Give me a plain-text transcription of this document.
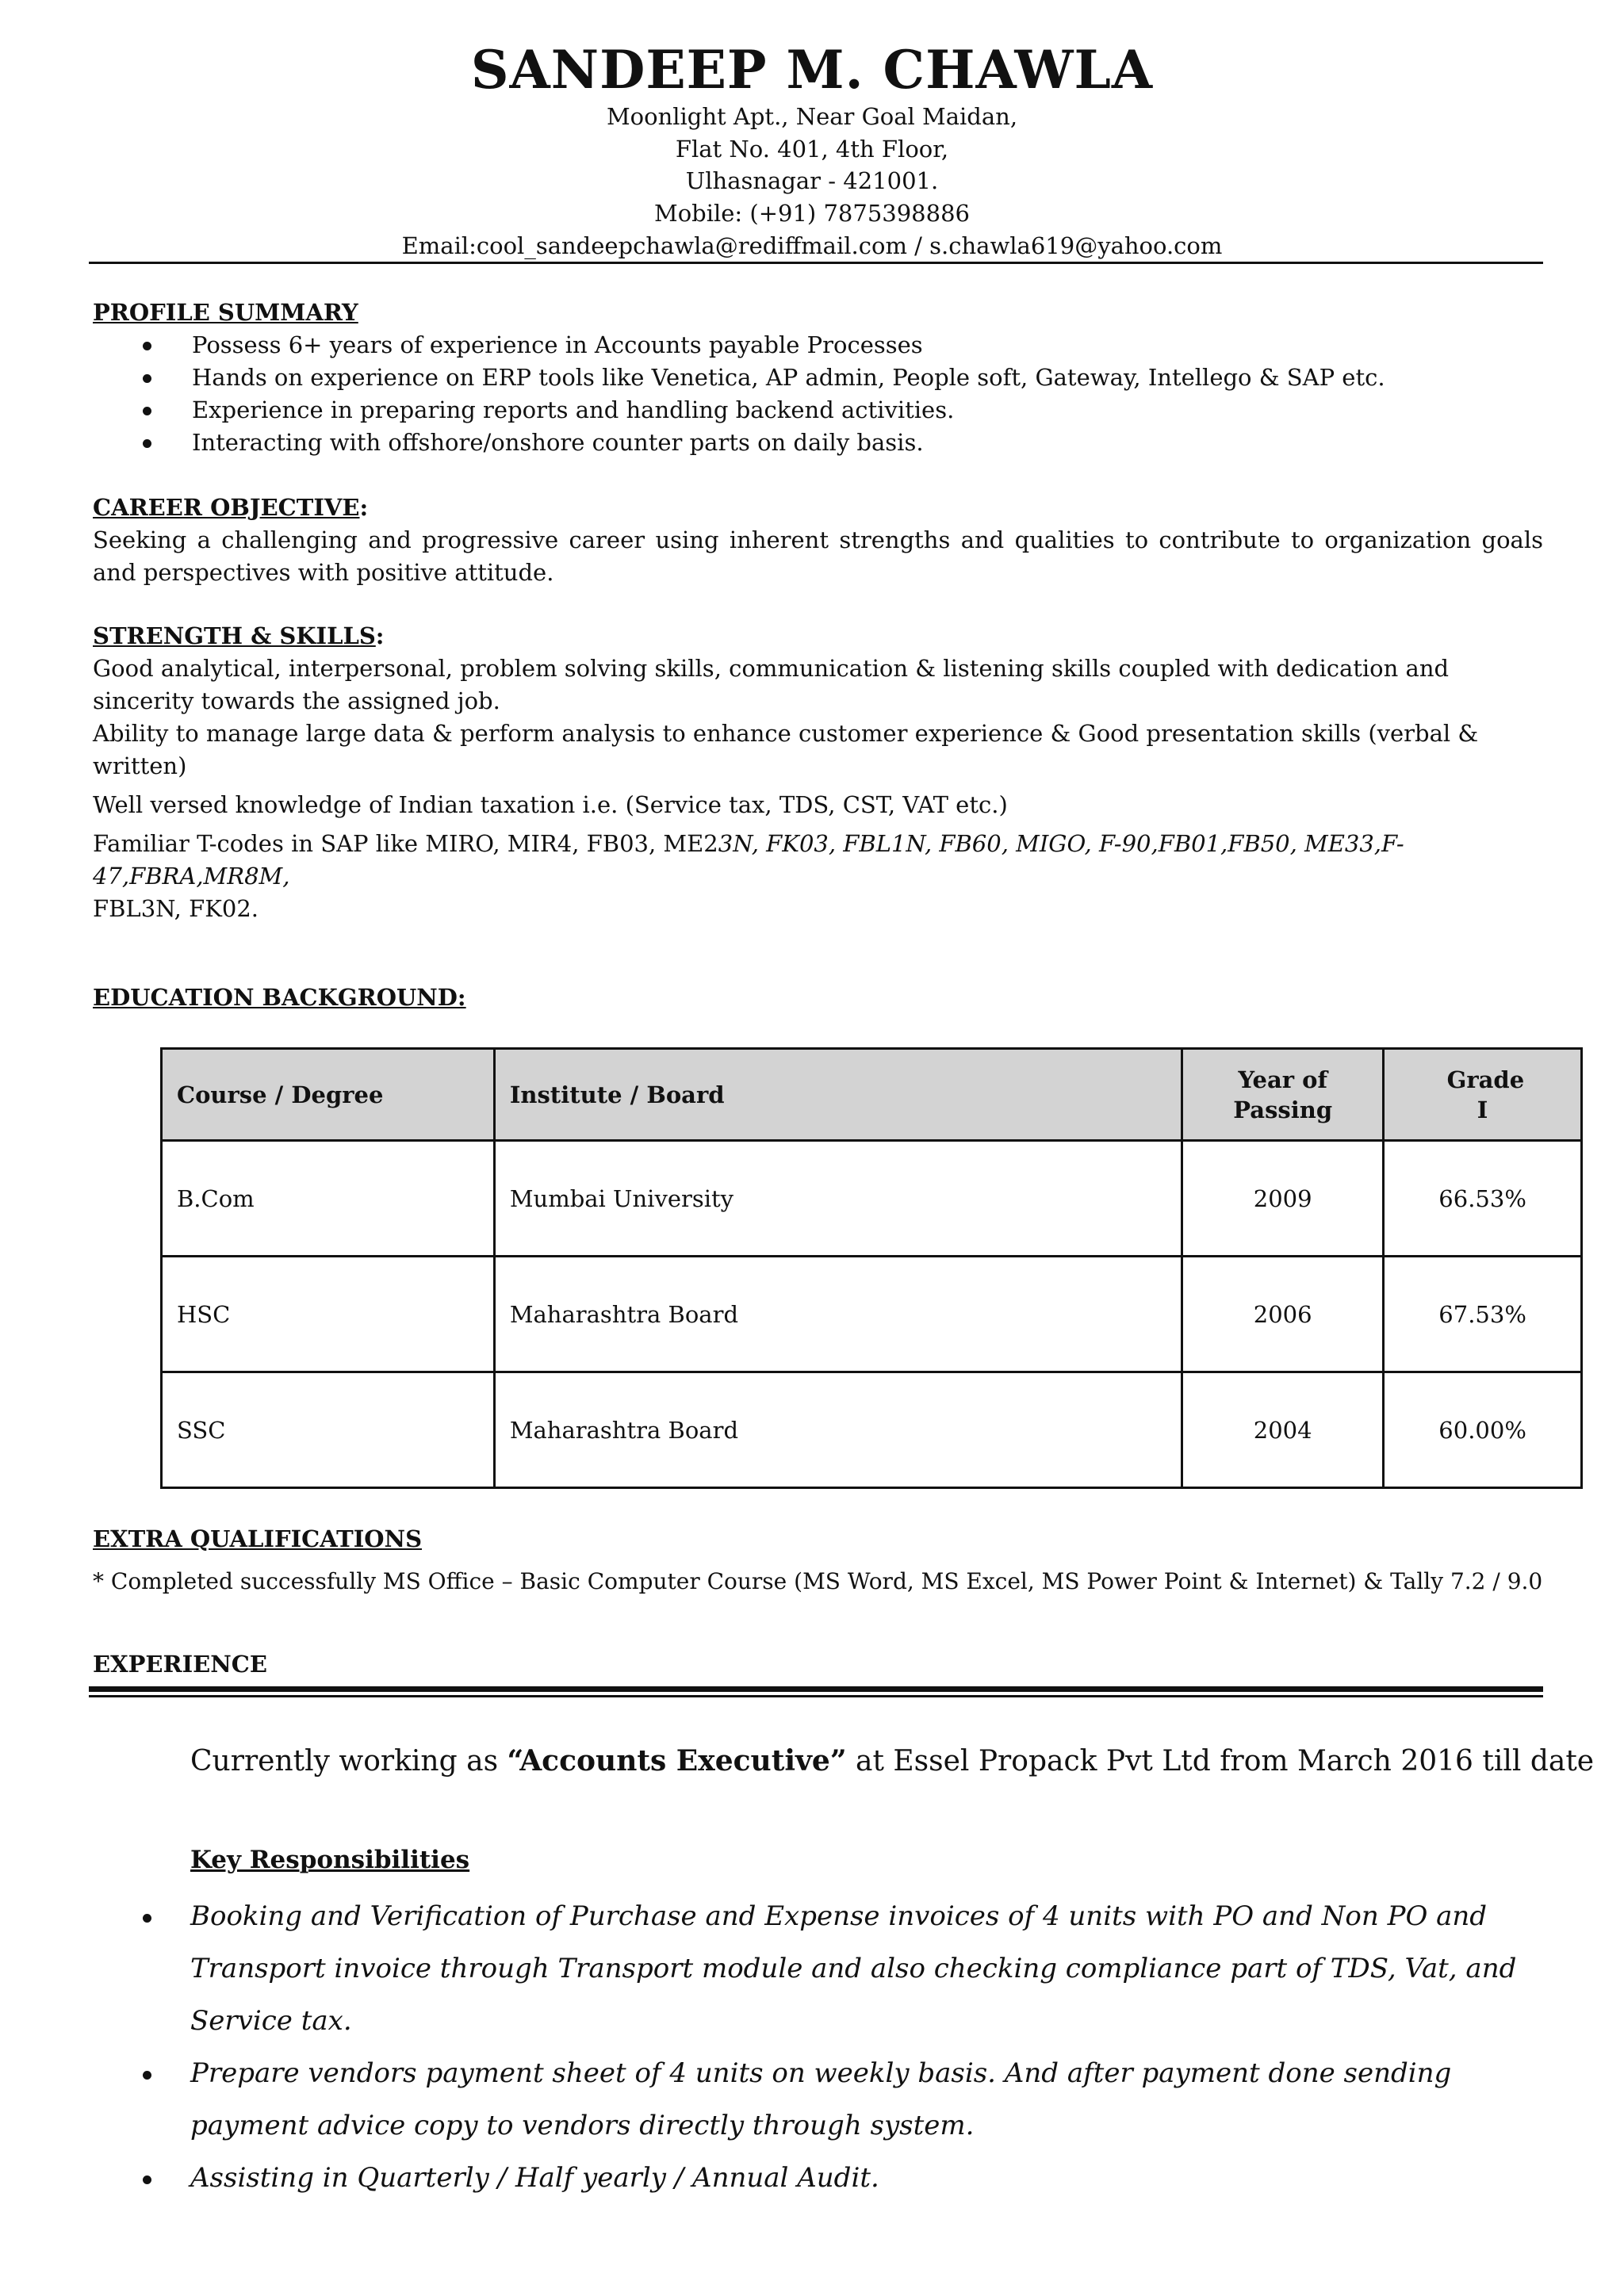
SANDEEP M. CHAWLA
Moonlight Apt., Near Goal Maidan,
Flat No. 401, 4th Floor,
Ulhasnagar - 421001.
Mobile: (+91) 7875398886
Email:cool_sandeepchawla@rediffmail.com / s.chawla619@yahoo.com
PROFILE SUMMARY
Possess 6+ years of experience in Accounts payable Processes
Hands on experience on ERP tools like Venetica, AP admin, People soft, Gateway, Intellego & SAP etc.
Experience in preparing reports and handling backend activities.
Interacting with offshore/onshore counter parts on daily basis.
CAREER OBJECTIVE:

Seeking a challenging and progressive career using inherent strengths and qualities to contribute to organization goals and perspectives with positive attitude.

STRENGTH & SKILLS:

Good analytical, interpersonal, problem solving skills, communication & listening skills coupled with dedication and sincerity towards the assigned job.

Ability to manage large data & perform analysis to enhance customer experience & Good presentation skills (verbal & written)

Well versed knowledge of Indian taxation i.e. (Service tax, TDS, CST, VAT etc.)

Familiar T-codes in SAP like MIRO, MIR4, FB03, ME23N, FK03, FBL1N, FB60, MIGO, F-90,FB01,FB50, ME33,F-47,FBRA,MR8M,
FBL3N, FK02.

EDUCATION BACKGROUND:
Course / Degree	Institute / Board	Year of Passing	Grade I
B.Com	Mumbai University	2009	66.53%
HSC	Maharashtra Board	2006	67.53%
SSC	Maharashtra Board	2004	60.00%
EXTRA QUALIFICATIONS

* Completed successfully MS Office – Basic Computer Course (MS Word, MS Excel, MS Power Point & Internet) & Tally 7.2 / 9.0

EXPERIENCE
Currently working as “Accounts Executive” at Essel Propack Pvt Ltd from March 2016 till date
Key Responsibilities
Booking and Verification of Purchase and Expense invoices of 4 units with PO and Non PO and Transport invoice through Transport module and also checking compliance part of TDS, Vat, and Service tax.
Prepare vendors payment sheet of 4 units on weekly basis. And after payment done sending payment advice copy to vendors directly through system.
Assisting in Quarterly / Half yearly / Annual Audit.
